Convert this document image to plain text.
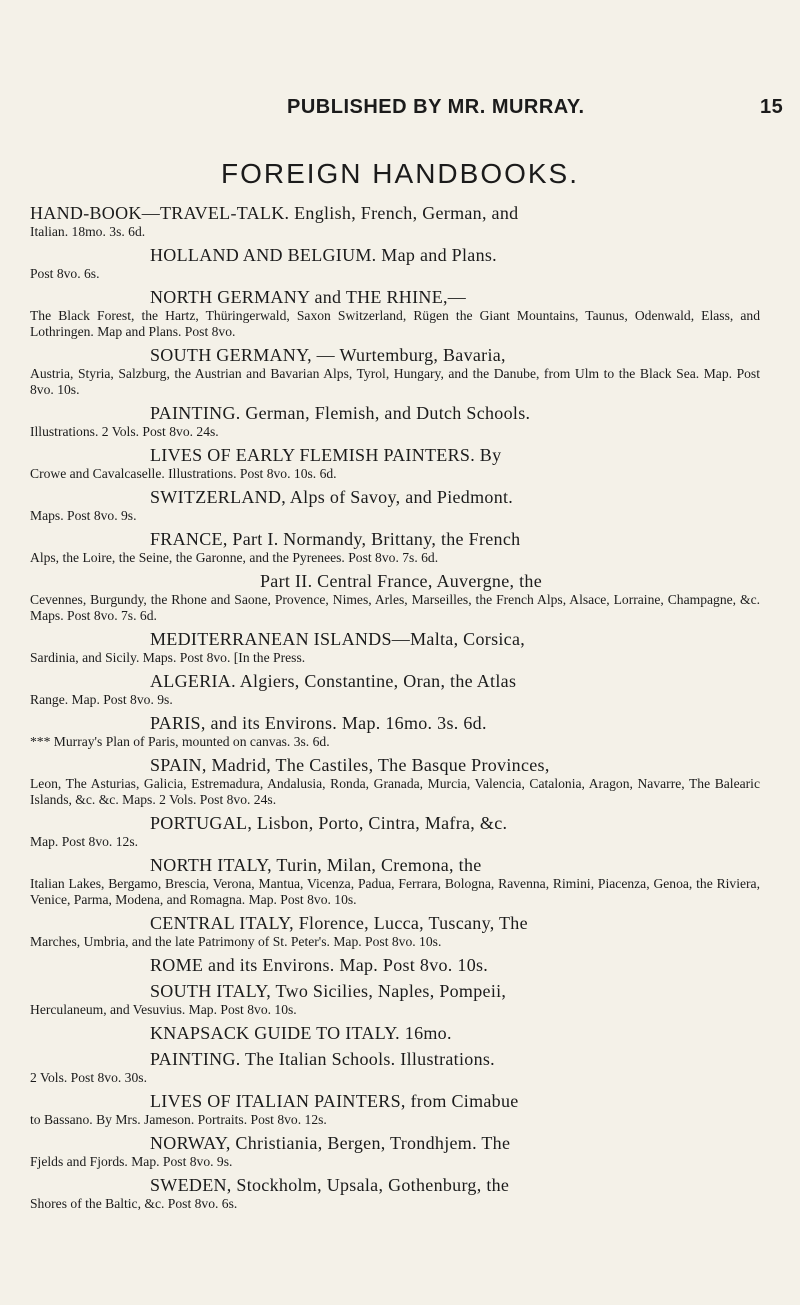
PUBLISHED BY MR. MURRAY.	15
FOREIGN HANDBOOKS.
HAND-BOOK—TRAVEL-TALK. English, French, German, and
Italian. 18mo. 3s. 6d.
HOLLAND AND BELGIUM. Map and Plans.
Post 8vo. 6s.
NORTH GERMANY and THE RHINE,—
The Black Forest, the Hartz, Thüringerwald, Saxon Switzerland, Rügen the Giant Mountains, Taunus, Odenwald, Elass, and Lothringen. Map and Plans. Post 8vo.
SOUTH GERMANY, — Wurtemburg, Bavaria,
Austria, Styria, Salzburg, the Austrian and Bavarian Alps, Tyrol, Hungary, and the Danube, from Ulm to the Black Sea. Map. Post 8vo. 10s.
PAINTING. German, Flemish, and Dutch Schools.
Illustrations. 2 Vols. Post 8vo. 24s.
LIVES OF EARLY FLEMISH PAINTERS. By
Crowe and Cavalcaselle. Illustrations. Post 8vo. 10s. 6d.
SWITZERLAND, Alps of Savoy, and Piedmont.
Maps. Post 8vo. 9s.
FRANCE, Part I. Normandy, Brittany, the French
Alps, the Loire, the Seine, the Garonne, and the Pyrenees. Post 8vo. 7s. 6d.
Part II. Central France, Auvergne, the
Cevennes, Burgundy, the Rhone and Saone, Provence, Nimes, Arles, Marseilles, the French Alps, Alsace, Lorraine, Champagne, &c. Maps. Post 8vo. 7s. 6d.
MEDITERRANEAN ISLANDS—Malta, Corsica,
Sardinia, and Sicily. Maps. Post 8vo. [In the Press.
ALGERIA. Algiers, Constantine, Oran, the Atlas
Range. Map. Post 8vo. 9s.
PARIS, and its Environs. Map. 16mo. 3s. 6d.
*** Murray's Plan of Paris, mounted on canvas. 3s. 6d.
SPAIN, Madrid, The Castiles, The Basque Provinces,
Leon, The Asturias, Galicia, Estremadura, Andalusia, Ronda, Granada, Murcia, Valencia, Catalonia, Aragon, Navarre, The Balearic Islands, &c. &c. Maps. 2 Vols. Post 8vo. 24s.
PORTUGAL, Lisbon, Porto, Cintra, Mafra, &c.
Map. Post 8vo. 12s.
NORTH ITALY, Turin, Milan, Cremona, the
Italian Lakes, Bergamo, Brescia, Verona, Mantua, Vicenza, Padua, Ferrara, Bologna, Ravenna, Rimini, Piacenza, Genoa, the Riviera, Venice, Parma, Modena, and Romagna. Map. Post 8vo. 10s.
CENTRAL ITALY, Florence, Lucca, Tuscany, The
Marches, Umbria, and the late Patrimony of St. Peter's. Map. Post 8vo. 10s.
ROME and its Environs. Map. Post 8vo. 10s.
SOUTH ITALY, Two Sicilies, Naples, Pompeii,
Herculaneum, and Vesuvius. Map. Post 8vo. 10s.
KNAPSACK GUIDE TO ITALY. 16mo.
PAINTING. The Italian Schools. Illustrations.
2 Vols. Post 8vo. 30s.
LIVES OF ITALIAN PAINTERS, from Cimabue
to Bassano. By Mrs. Jameson. Portraits. Post 8vo. 12s.
NORWAY, Christiania, Bergen, Trondhjem. The
Fjelds and Fjords. Map. Post 8vo. 9s.
SWEDEN, Stockholm, Upsala, Gothenburg, the
Shores of the Baltic, &c. Post 8vo. 6s.
